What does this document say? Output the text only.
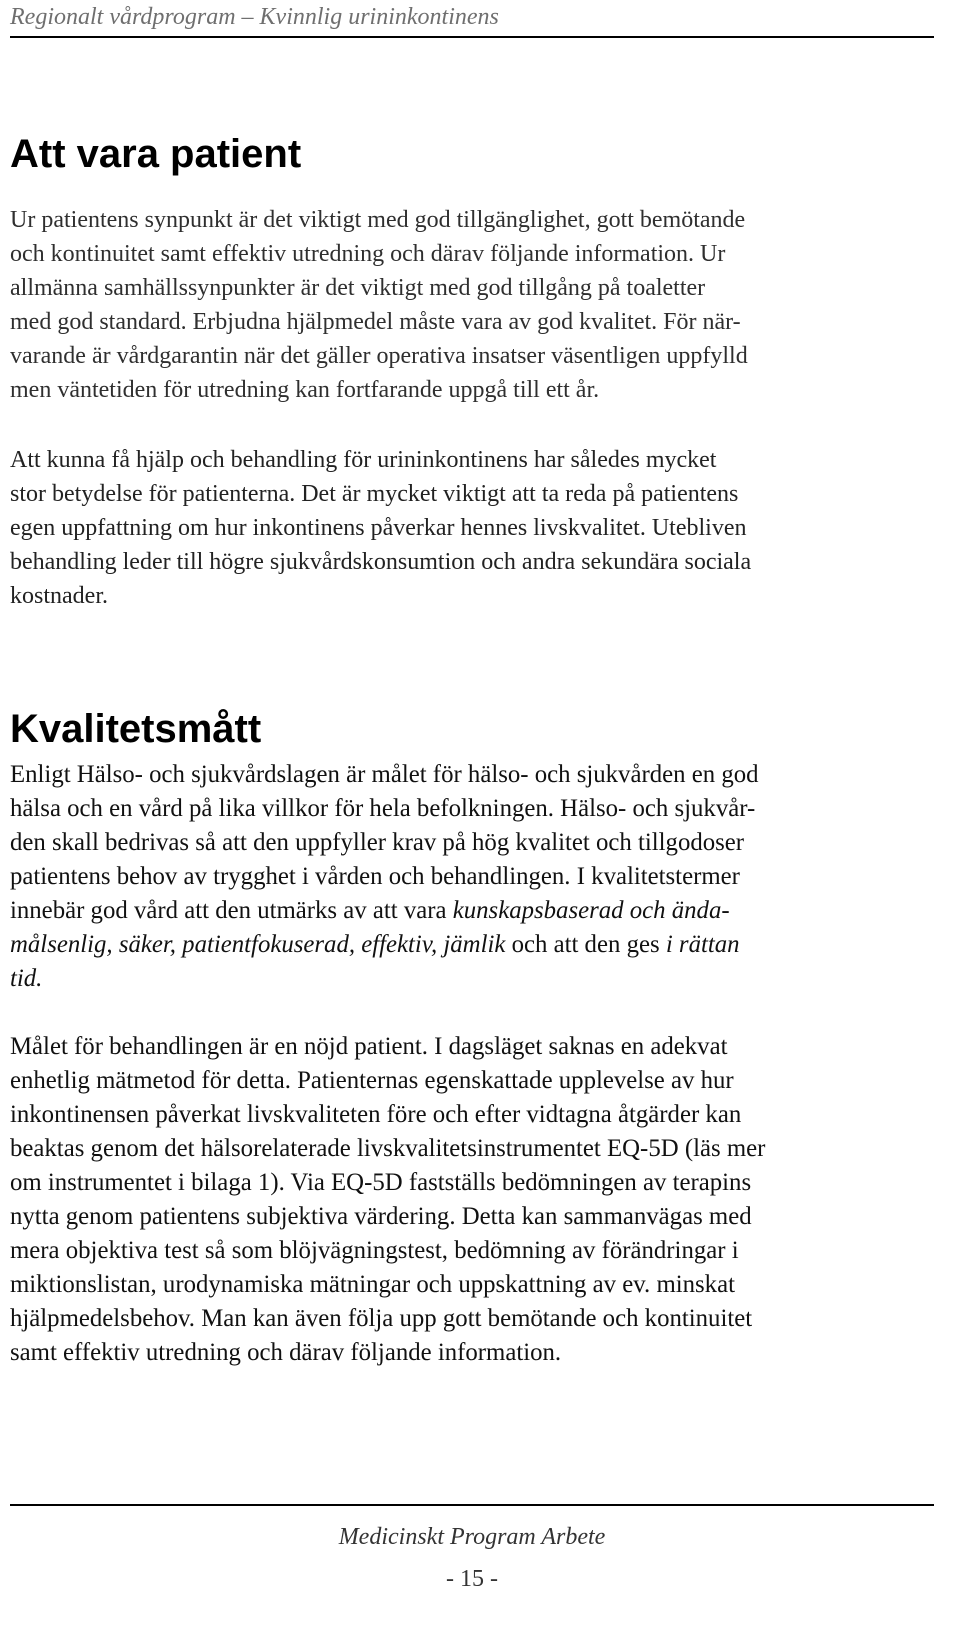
Regionalt vårdprogram – Kvinnlig urininkontinens
Att vara patient
Ur patientens synpunkt är det viktigt med god tillgänglighet, gott bemötande
och kontinuitet samt effektiv utredning och därav följande information. Ur
allmänna samhällssynpunkter är det viktigt med god tillgång på toaletter
med god standard. Erbjudna hjälpmedel måste vara av god kvalitet. För när-
varande är vårdgarantin när det gäller operativa insatser väsentligen uppfylld
men väntetiden för utredning kan fortfarande uppgå till ett år.
Att kunna få hjälp och behandling för urininkontinens har således mycket
stor betydelse för patienterna. Det är mycket viktigt att ta reda på patientens
egen uppfattning om hur inkontinens påverkar hennes livskvalitet. Utebliven
behandling leder till högre sjukvårdskonsumtion och andra sekundära sociala
kostnader.
Kvalitetsmått
Enligt Hälso- och sjukvårdslagen är målet för hälso- och sjukvården en god
hälsa och en vård på lika villkor för hela befolkningen. Hälso- och sjukvår-
den skall bedrivas så att den uppfyller krav på hög kvalitet och tillgodoser
patientens behov av trygghet i vården och behandlingen. I kvalitetstermer
innebär god vård att den utmärks av att vara kunskapsbaserad och ända-
målsenlig, säker, patientfokuserad, effektiv, jämlik och att den ges i rättan
tid.
Målet för behandlingen är en nöjd patient. I dagsläget saknas en adekvat
enhetlig mätmetod för detta. Patienternas egenskattade upplevelse av hur
inkontinensen påverkat livskvaliteten före och efter vidtagna åtgärder kan
beaktas genom det hälsorelaterade livskvalitetsinstrumentet EQ-5D (läs mer
om instrumentet i bilaga 1). Via EQ-5D fastställs bedömningen av terapins
nytta genom patientens subjektiva värdering. Detta kan sammanvägas med
mera objektiva test så som blöjvägningstest, bedömning av förändringar i
miktionslistan, urodynamiska mätningar och uppskattning av ev. minskat
hjälpmedelsbehov. Man kan även följa upp gott bemötande och kontinuitet
samt effektiv utredning och därav följande information.
Medicinskt Program Arbete
- 15 -
